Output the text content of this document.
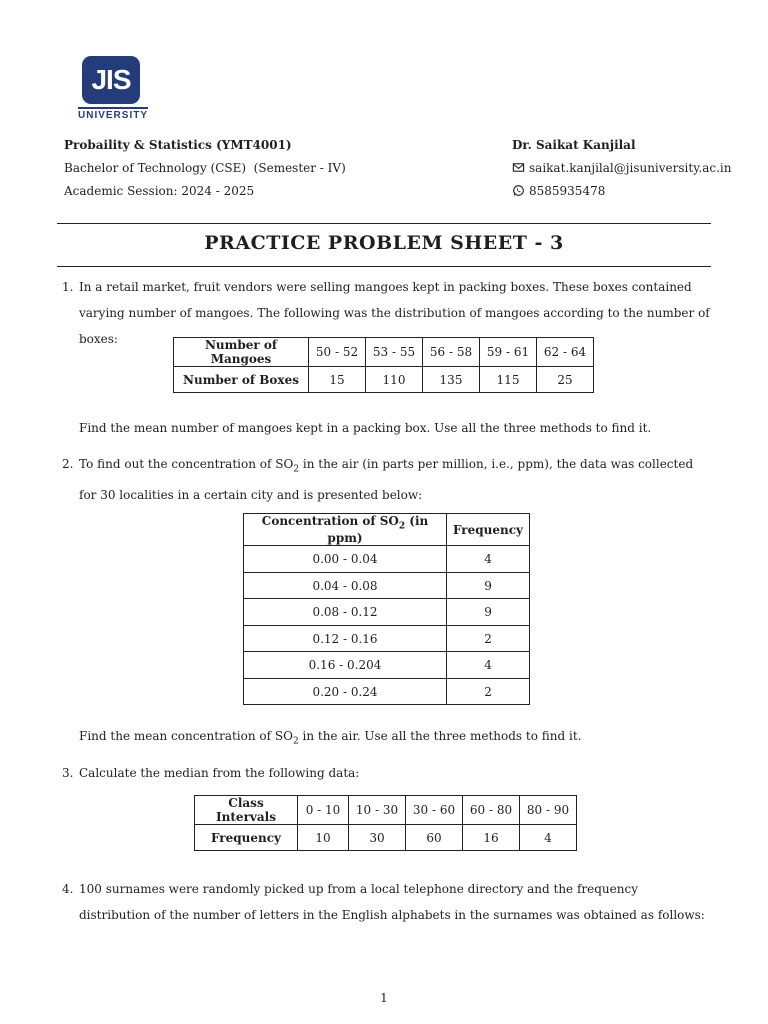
JIS
UNIVERSITY
Probaility & Statistics (YMT4001)
Bachelor of Technology (CSE)  (Semester - IV)
Academic Session: 2024 - 2025
Dr. Saikat Kanjilal
saikat.kanjilal@jisuniversity.ac.in
8585935478
PRACTICE PROBLEM SHEET - 3
1. In a retail market, fruit vendors were selling mangoes kept in packing boxes. These boxes contained varying number of mangoes. The following was the distribution of mangoes according to the number of boxes:	Number of Mangoes	50 - 52	53 - 55	56 - 58	59 - 61	62 - 64
Number of Boxes	15	110	135	115	25
Find the mean number of mangoes kept in a packing box. Use all the three methods to find it.
2. To find out the concentration of $SO_2$ in the air (in parts per million, i.e., ppm), the data was collected for 30 localities in a certain city and is presented below:
Concentration of $SO_2$ (in ppm)	Frequency
0.00 - 0.04	4
0.04 - 0.08	9
0.08 - 0.12	9
0.12 - 0.16	2
0.16 - 0.204	4
0.20 - 0.24	2
Find the mean concentration of $SO_2$ in the air. Use all the three methods to find it.
3. Calculate the median from the following data:
Class Intervals	0 - 10	10 - 30	30 - 60	60 - 80	80 - 90
Frequency	10	30	60	16	4
4. 100 surnames were randomly picked up from a local telephone directory and the frequency distribution of the number of letters in the English alphabets in the surnames was obtained as follows:
1
